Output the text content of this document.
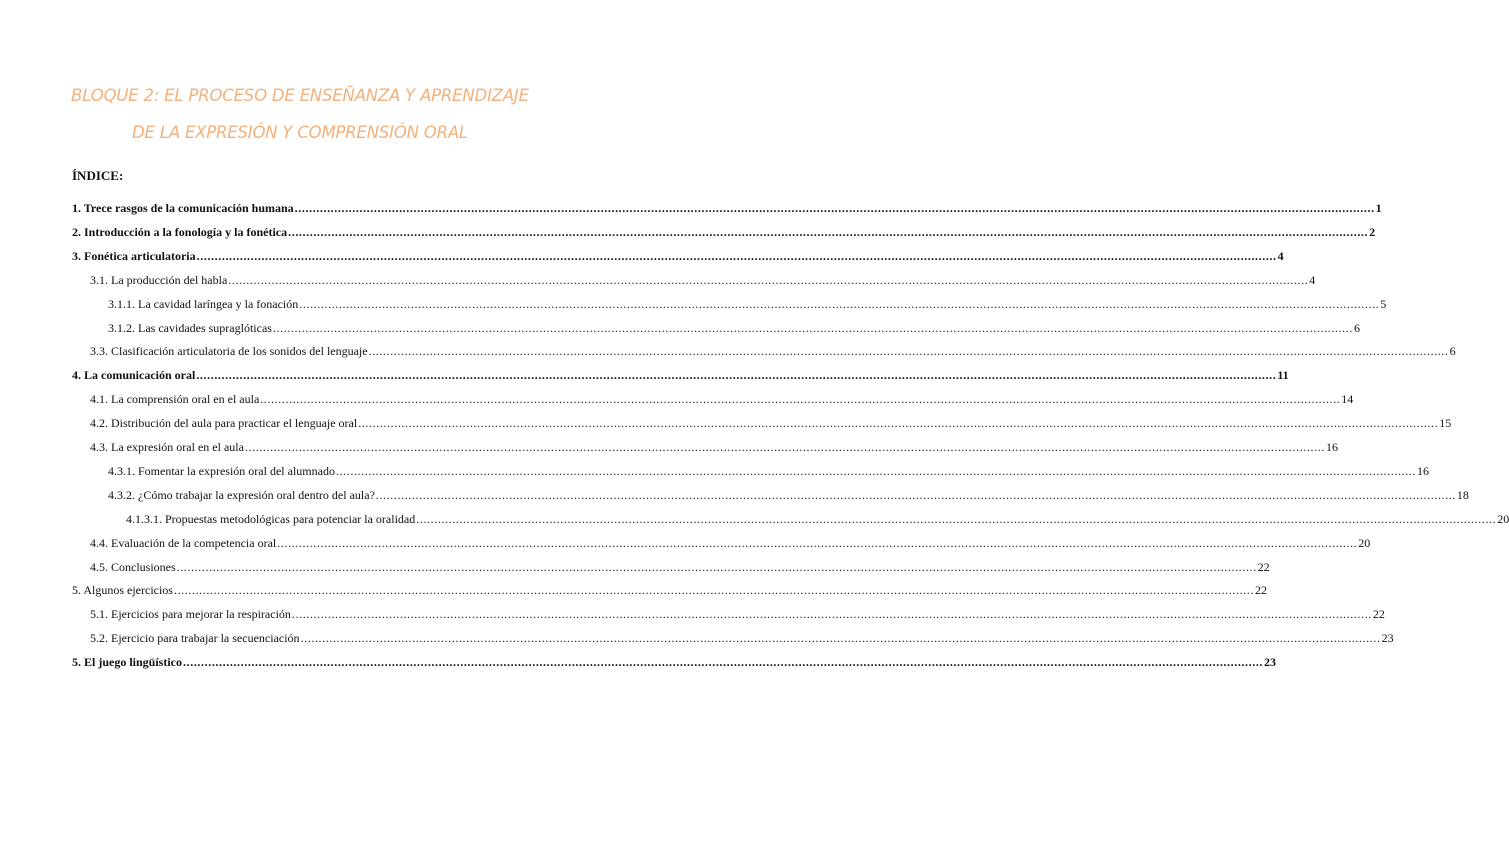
BLOQUE 2: EL PROCESO DE ENSEÑANZA Y APRENDIZAJE
DE LA EXPRESIÓN Y COMPRENSIÓN ORAL
ÍNDICE:
1. Trece rasgos de la comunicación humana ............................................................................................................................................................................................................................................................................................................ 1
2. Introducción a la fonología y la fonética ............................................................................................................................................................................................................................................................................................................ 2
3. Fonética articulatoria ............................................................................................................................................................................................................................................................................................................ 4
3.1. La producción del habla ............................................................................................................................................................................................................................................................................................................ 4
3.1.1. La cavidad laríngea y la fonación ............................................................................................................................................................................................................................................................................................................ 5
3.1.2. Las cavidades supraglóticas ............................................................................................................................................................................................................................................................................................................ 6
3.3. Clasificación articulatoria de los sonidos del lenguaje ............................................................................................................................................................................................................................................................................................................ 6
4. La comunicación oral ............................................................................................................................................................................................................................................................................................................ 11
4.1. La comprensión oral en el aula ............................................................................................................................................................................................................................................................................................................ 14
4.2. Distribución del aula para practicar el lenguaje oral ............................................................................................................................................................................................................................................................................................................ 15
4.3. La expresión oral en el aula ............................................................................................................................................................................................................................................................................................................ 16
4.3.1. Fomentar la expresión oral del alumnado ............................................................................................................................................................................................................................................................................................................ 16
4.3.2. ¿Cómo trabajar la expresión oral dentro del aula? ............................................................................................................................................................................................................................................................................................................ 18
4.1.3.1. Propuestas metodológicas para potenciar la oralidad ............................................................................................................................................................................................................................................................................................................ 20
4.4. Evaluación de la competencia oral ............................................................................................................................................................................................................................................................................................................ 20
4.5. Conclusiones ............................................................................................................................................................................................................................................................................................................ 22
5. Algunos ejercicios ............................................................................................................................................................................................................................................................................................................ 22
5.1. Ejercicios para mejorar la respiración ............................................................................................................................................................................................................................................................................................................ 22
5.2. Ejercicio para trabajar la secuenciación ............................................................................................................................................................................................................................................................................................................ 23
5. El juego lingüístico ............................................................................................................................................................................................................................................................................................................ 23
